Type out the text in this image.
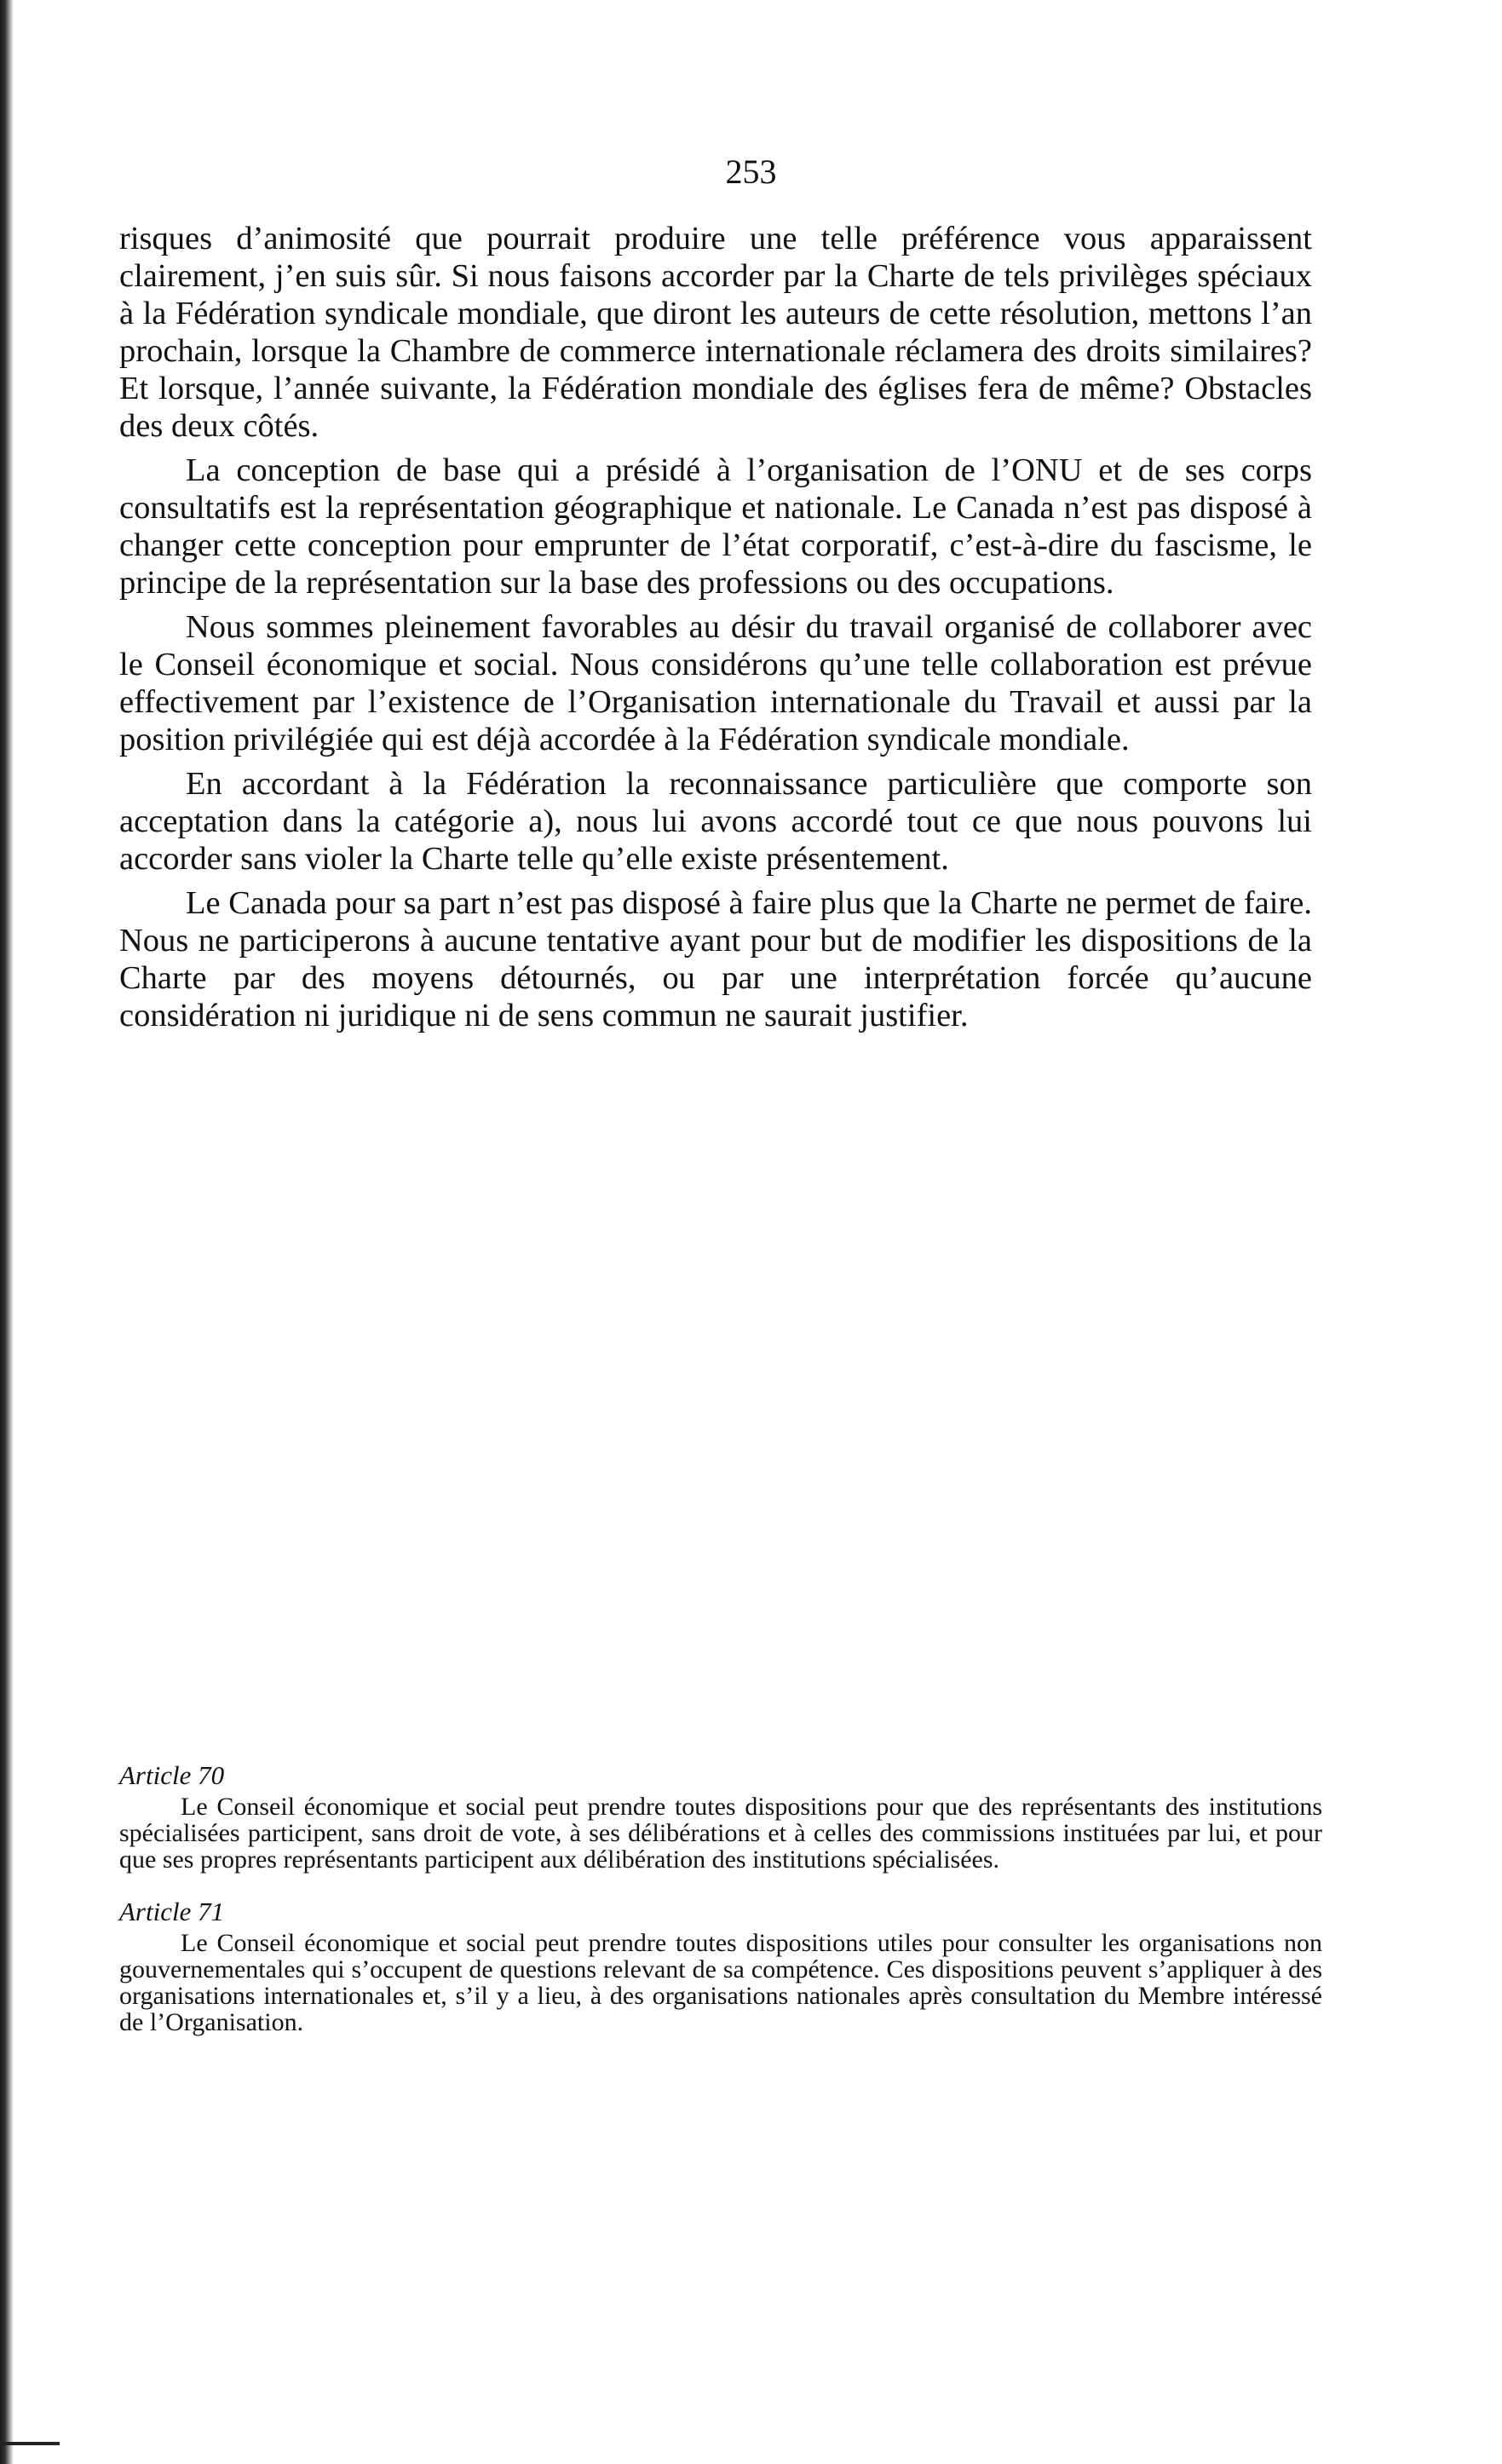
253

risques d’animosité que pourrait produire une telle préférence vous apparaissent clairement, j’en suis sûr. Si nous faisons accorder par la Charte de tels privilèges spéciaux à la Fédération syndicale mondiale, que diront les auteurs de cette résolution, mettons l’an prochain, lorsque la Chambre de commerce internationale réclamera des droits similaires? Et lorsque, l’année suivante, la Fédération mondiale des églises fera de même? Obstacles des deux côtés.

La conception de base qui a présidé à l’organisation de l’ONU et de ses corps consultatifs est la représentation géographique et nationale. Le Canada n’est pas disposé à changer cette conception pour emprunter de l’état corporatif, c’est-à-dire du fascisme, le principe de la représentation sur la base des professions ou des occupations.

Nous sommes pleinement favorables au désir du travail organisé de collaborer avec le Conseil économique et social. Nous considérons qu’une telle collaboration est prévue effectivement par l’existence de l’Organisation internationale du Travail et aussi par la position privilégiée qui est déjà accordée à la Fédération syndicale mondiale.

En accordant à la Fédération la reconnaissance particulière que comporte son acceptation dans la catégorie a), nous lui avons accordé tout ce que nous pouvons lui accorder sans violer la Charte telle qu’elle existe présentement.

Le Canada pour sa part n’est pas disposé à faire plus que la Charte ne permet de faire. Nous ne participerons à aucune tentative ayant pour but de modifier les dispositions de la Charte par des moyens détournés, ou par une interprétation forcée qu’aucune considération ni juridique ni de sens commun ne saurait justifier.

Article 70
Le Conseil économique et social peut prendre toutes dispositions pour que des représentants des institutions spécialisées participent, sans droit de vote, à ses délibérations et à celles des commissions instituées par lui, et pour que ses propres représentants participent aux délibération des institutions spécialisées.
Article 71
Le Conseil économique et social peut prendre toutes dispositions utiles pour consulter les organisations non gouvernementales qui s’occupent de questions relevant de sa compétence. Ces dispositions peuvent s’appliquer à des organisations internationales et, s’il y a lieu, à des organisations nationales après consultation du Membre intéressé de l’Organisation.
